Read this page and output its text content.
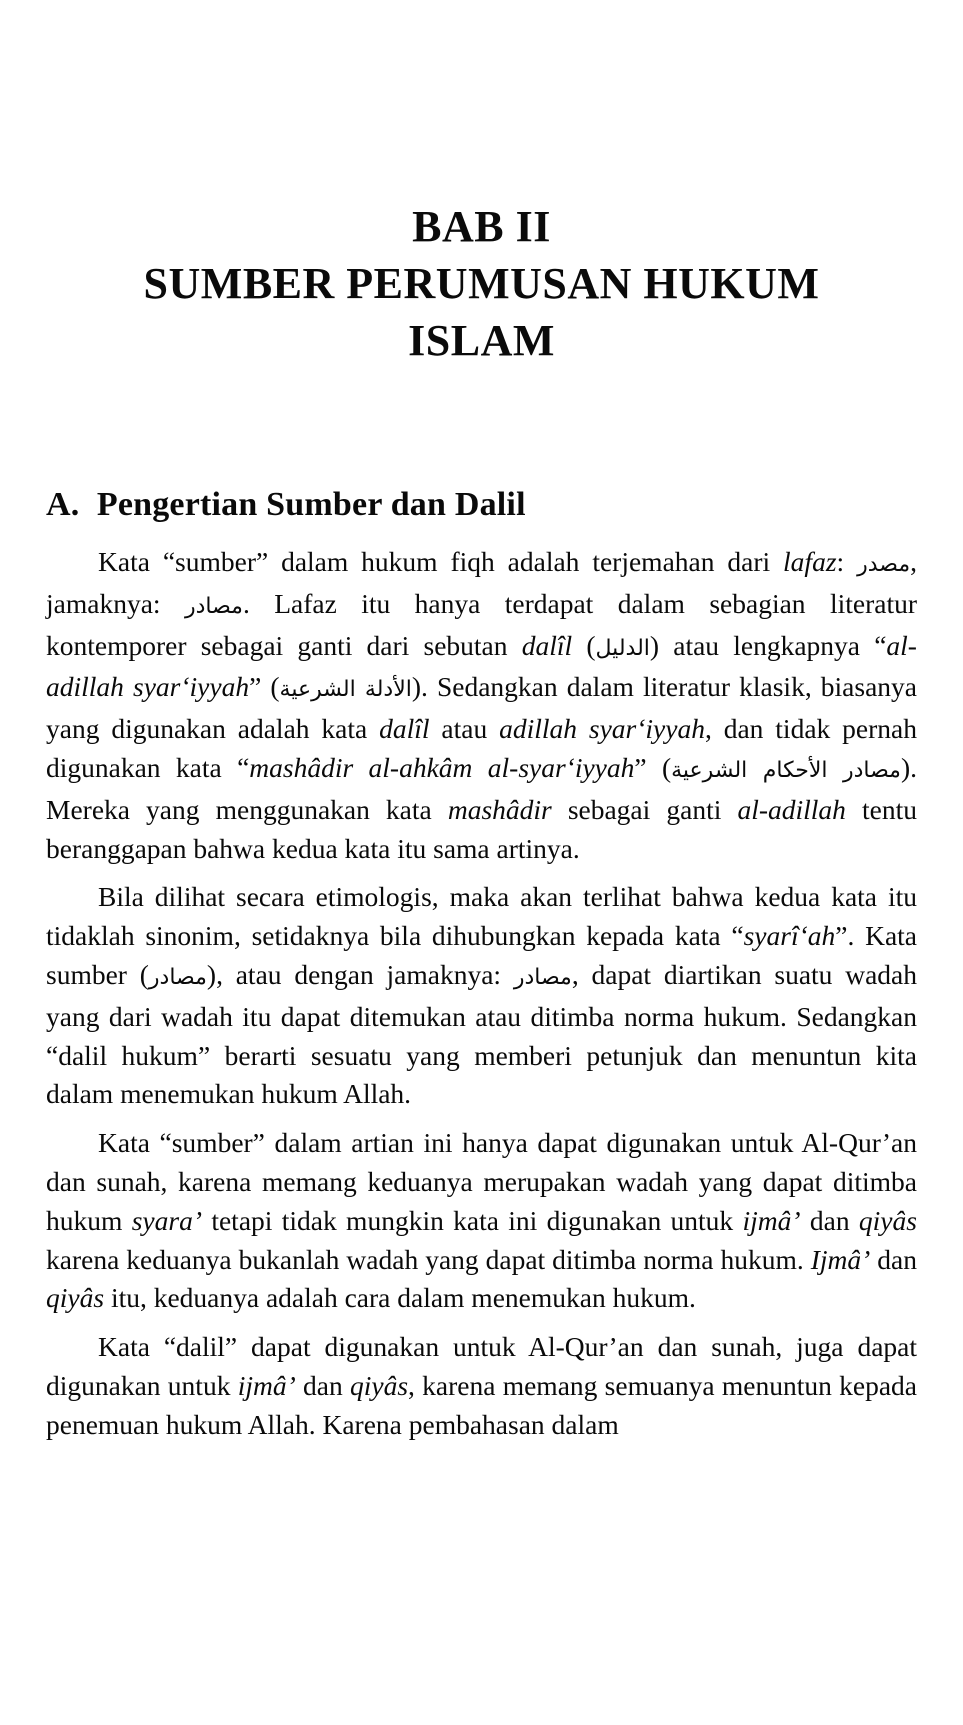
BAB II
SUMBER PERUMUSAN HUKUM ISLAM
A.  Pengertian Sumber dan Dalil

Kata “sumber” dalam hukum fiqh adalah terjemahan dari lafaz: مصدر, jamaknya: مصادر. Lafaz itu hanya terdapat dalam sebagian literatur kontemporer sebagai ganti dari sebutan dalîl (الدليل) atau lengkapnya “al-adillah syar‘iyyah” (الأدلة الشرعية). Sedangkan dalam literatur klasik, biasanya yang digunakan adalah kata dalîl atau adillah syar‘iyyah, dan tidak pernah digunakan kata “mashâdir al-ahkâm al-syar‘iyyah” (مصادر الأحكام الشرعية). Mereka yang menggunakan kata mashâdir sebagai ganti al-adillah tentu beranggapan bahwa kedua kata itu sama artinya.

Bila dilihat secara etimologis, maka akan terlihat bahwa kedua kata itu tidaklah sinonim, setidaknya bila dihubungkan kepada kata “syarî‘ah”. Kata sumber (مصادر), atau dengan jamaknya: مصادر, dapat diartikan suatu wadah yang dari wadah itu dapat ditemukan atau ditimba norma hukum. Sedangkan “dalil hukum” berarti sesuatu yang memberi petunjuk dan menuntun kita dalam menemukan hukum Allah.

Kata “sumber” dalam artian ini hanya dapat digunakan untuk Al-Qur’an dan sunah, karena memang keduanya merupakan wadah yang dapat ditimba hukum syara’ tetapi tidak mungkin kata ini digunakan untuk ijmâ’ dan qiyâs karena keduanya bukanlah wadah yang dapat ditimba norma hukum. Ijmâ’ dan qiyâs itu, keduanya adalah cara dalam menemukan hukum.

Kata “dalil” dapat digunakan untuk Al-Qur’an dan sunah, juga dapat digunakan untuk ijmâ’ dan qiyâs, karena memang semuanya menuntun kepada penemuan hukum Allah. Karena pembahasan dalam
